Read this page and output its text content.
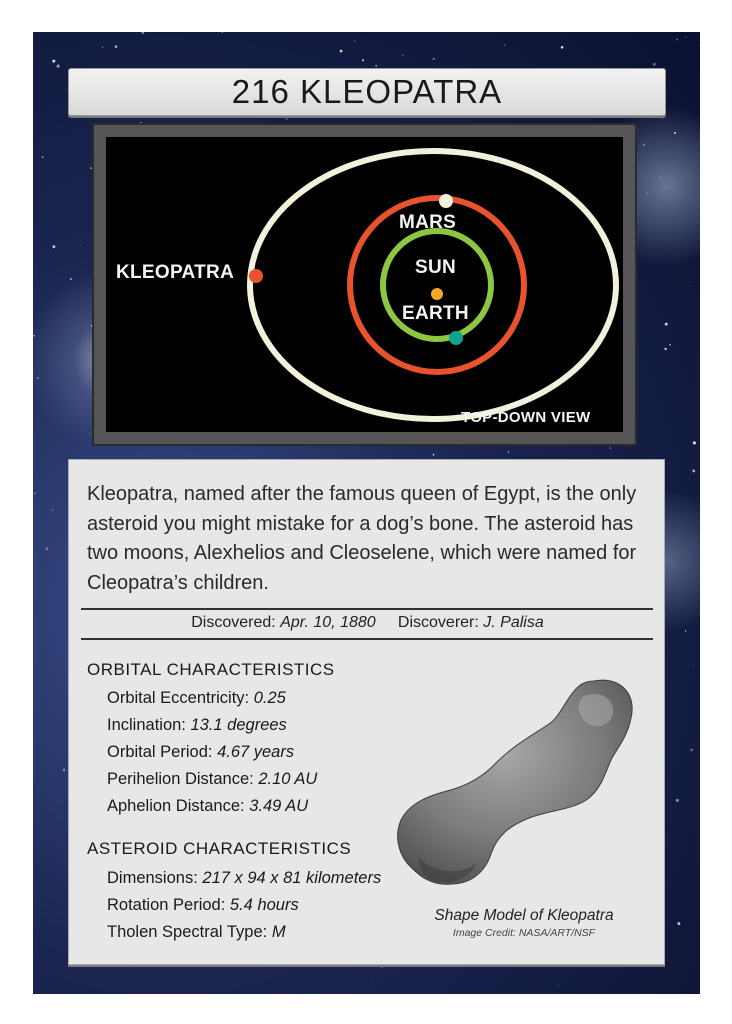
216 KLEOPATRA
KLEOPATRA
MARS
SUN
EARTH
TOP-DOWN VIEW

Kleopatra, named after the famous queen of Egypt, is the only asteroid you might mistake for a dog’s bone. The asteroid has two moons, Alexhelios and Cleoselene, which were named for Cleopatra’s children.

Discovered: Apr. 10, 1880 Discoverer: J. Palisa
ORBITAL CHARACTERISTICS
Orbital Eccentricity: 0.25
Inclination: 13.1 degrees
Orbital Period: 4.67 years
Perihelion Distance: 2.10 AU
Aphelion Distance: 3.49 AU
ASTEROID CHARACTERISTICS
Dimensions: 217 x 94 x 81 kilometers
Rotation Period: 5.4 hours
Tholen Spectral Type: M
Shape Model of Kleopatra
Image Credit: NASA/ART/NSF
